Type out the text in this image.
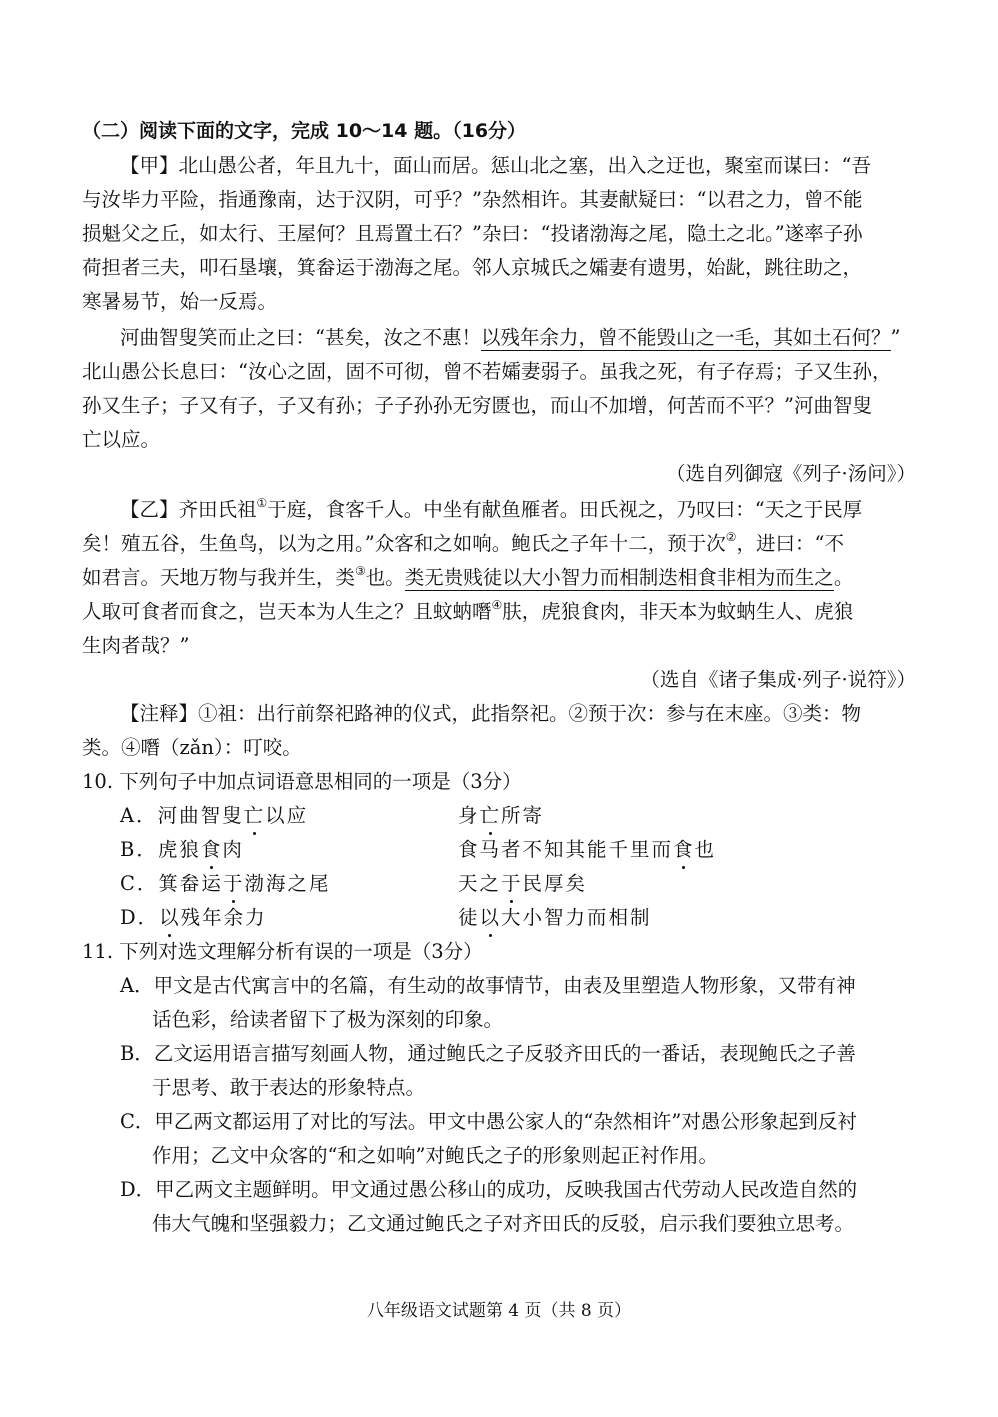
（二）阅读下面的文字，完成 10～14 题。（16分）
【甲】北山愚公者，年且九十，面山而居。惩山北之塞，出入之迂也，聚室而谋曰：“吾
与汝毕力平险，指通豫南，达于汉阴，可乎？”杂然相许。其妻献疑曰：“以君之力，曾不能
损魁父之丘，如太行、王屋何？且焉置土石？”杂曰：“投诸渤海之尾，隐土之北。”遂率子孙
荷担者三夫，叩石垦壤，箕畚运于渤海之尾。邻人京城氏之孀妻有遗男，始龀，跳往助之，
寒暑易节，始一反焉。
河曲智叟笑而止之曰：“甚矣，汝之不惠！以残年余力，曾不能毁山之一毛，其如土石何？”
北山愚公长息曰：“汝心之固，固不可彻，曾不若孀妻弱子。虽我之死，有子存焉；子又生孙，
孙又生子；子又有子，子又有孙；子子孙孙无穷匮也，而山不加增，何苦而不平？”河曲智叟
亡以应。
（选自列御寇《列子·汤问》）
【乙】齐田氏祖①于庭，食客千人。中坐有献鱼雁者。田氏视之，乃叹曰：“天之于民厚
矣！殖五谷，生鱼鸟，以为之用。”众客和之如响。鲍氏之子年十二，预于次②，进曰：“不
如君言。天地万物与我并生，类③也。类无贵贱徒以大小智力而相制迭相食非相为而生之。
人取可食者而食之，岂天本为人生之？且蚊蚋噆④肤，虎狼食肉，非天本为蚊蚋生人、虎狼
生肉者哉？”
（选自《诸子集成·列子·说符》）
【注释】①祖：出行前祭祀路神的仪式，此指祭祀。②预于次：参与在末座。③类：物
类。④噆（zǎn）：叮咬。
10. 下列句子中加点词语意思相同的一项是（3分）
A．河曲智叟亡以应	身亡所寄
B．虎狼食肉	食马者不知其能千里而食也
C．箕畚运于渤海之尾	天之于民厚矣
D．以残年余力	徒以大小智力而相制
11. 下列对选文理解分析有误的一项是（3分）
A．甲文是古代寓言中的名篇，有生动的故事情节，由表及里塑造人物形象，又带有神
话色彩，给读者留下了极为深刻的印象。
B．乙文运用语言描写刻画人物，通过鲍氏之子反驳齐田氏的一番话，表现鲍氏之子善
于思考、敢于表达的形象特点。
C．甲乙两文都运用了对比的写法。甲文中愚公家人的“杂然相许”对愚公形象起到反衬
作用；乙文中众客的“和之如响”对鲍氏之子的形象则起正衬作用。
D．甲乙两文主题鲜明。甲文通过愚公移山的成功，反映我国古代劳动人民改造自然的
伟大气魄和坚强毅力；乙文通过鲍氏之子对齐田氏的反驳，启示我们要独立思考。
八年级语文试题第 4 页（共 8 页）
